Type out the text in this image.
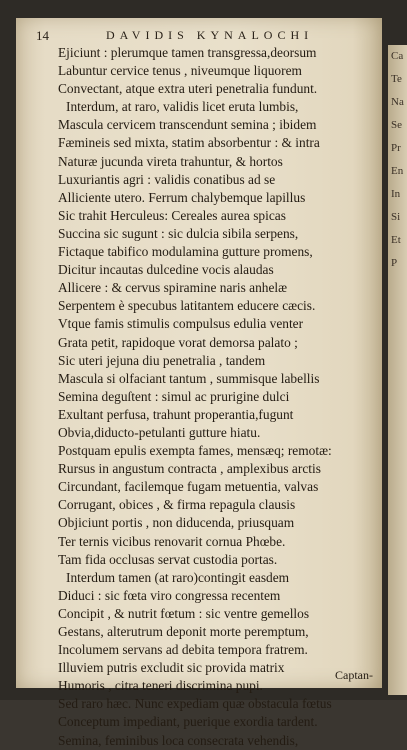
Ca
Te
Na
Se
Pr
En
In
Si
Et
P
14	DAVIDIS KYNALOCHI
Ejiciunt : plerumque tamen transgressa,deorsum
Labuntur cervice tenus , niveumque liquorem
Convectant, atque extra uteri penetralia fundunt.
Interdum, at raro, validis licet eruta lumbis,
Mascula cervicem transcendunt semina ; ibidem
Fæmineis sed mixta, statim absorbentur : & intra
Naturæ jucunda vireta trahuntur, & hortos
Luxuriantis agri : validis conatibus ad se
Alliciente utero. Ferrum chalybemque lapillus
Sic trahit Herculeus: Cereales aurea spicas
Succina sic sugunt : sic dulcia sibila serpens,
Fictaque tabifico modulamina gutture promens,
Dicitur incautas dulcedine vocis alaudas
Allicere : & cervus spiramine naris anhelæ
Serpentem è specubus latitantem educere cæcis.
Vtque famis stimulis compulsus edulia venter
Grata petit, rapidoque vorat demorsa palato ;
Sic uteri jejuna diu penetralia , tandem
Mascula si olfaciant tantum , summisque labellis
Semina deguſtent : simul ac prurigine dulci
Exultant perfusa, trahunt properantia,fugunt
Obvia,diducto-petulanti gutture hiatu.
Postquam epulis exempta fames, mensæq; remotæ:
Rursus in angustum contracta , amplexibus arctis
Circundant, facilemque fugam metuentia, valvas
Corrugant, obices , & firma repagula clausis
Objiciunt portis , non diducenda, priusquam
Ter ternis vicibus renovarit cornua Phœbe.
Tam fida occlusas servat custodia portas.
Interdum tamen (at raro)contingit easdem
Diduci : sic fœta viro congressa recentem
Concipit , & nutrit fœtum : sic ventre gemellos
Gestans, alterutrum deponit morte peremptum,
Incolumem servans ad debita tempora fratrem.
Illuviem putris excludit sic provida matrix
Humoris , citra teneri discrimina pupi.
Sed raro hæc. Nunc expediam quæ obstacula fœtus
Conceptum impediant, puerique exordia tardent.
Semina, feminibus loca consecrata vehendis,
Captan-
